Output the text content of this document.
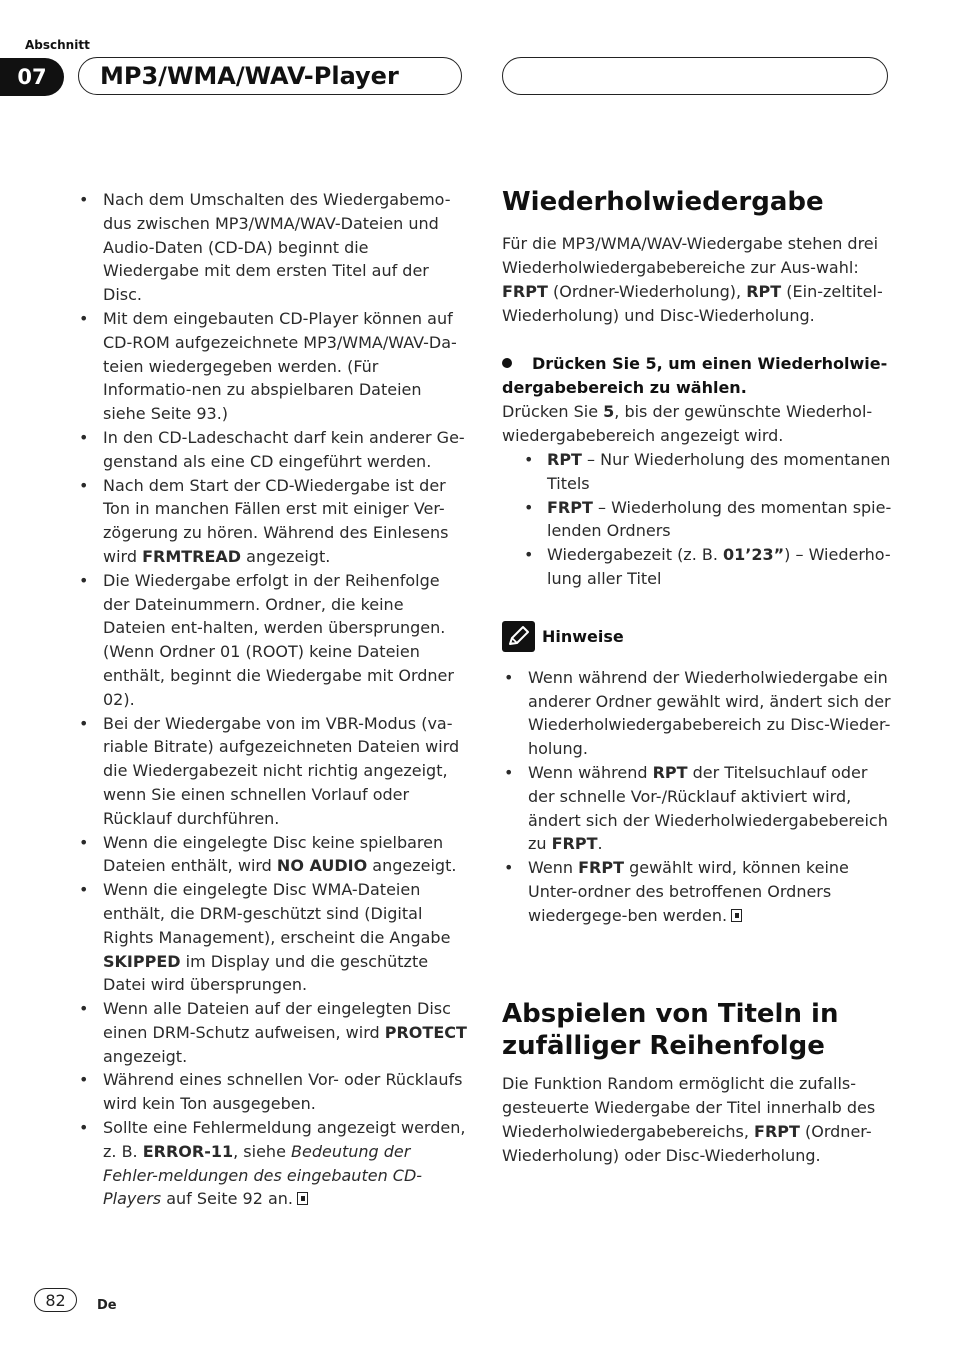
Abschnitt
07	MP3/WMA/WAV-Player
• Nach dem Umschalten des Wiedergabemo-dus zwischen MP3/WMA/WAV-Dateien und Audio-Daten (CD-DA) beginnt die Wiedergabe mit dem ersten Titel auf der Disc.
• Mit dem eingebauten CD-Player können auf CD-ROM aufgezeichnete MP3/WMA/WAV-Da-teien wiedergegeben werden. (Für Informatio-nen zu abspielbaren Dateien siehe Seite 93.)
• In den CD-Ladeschacht darf kein anderer Ge-genstand als eine CD eingeführt werden.
• Nach dem Start der CD-Wiedergabe ist der Ton in manchen Fällen erst mit einiger Ver-zögerung zu hören. Während des Einlesens wird FRMTREAD angezeigt.
• Die Wiedergabe erfolgt in der Reihenfolge der Dateinummern. Ordner, die keine Dateien ent-halten, werden übersprungen. (Wenn Ordner 01 (ROOT) keine Dateien enthält, beginnt die Wiedergabe mit Ordner 02).
• Bei der Wiedergabe von im VBR-Modus (va-riable Bitrate) aufgezeichneten Dateien wird die Wiedergabezeit nicht richtig angezeigt, wenn Sie einen schnellen Vorlauf oder Rücklauf durchführen.
• Wenn die eingelegte Disc keine spielbaren Dateien enthält, wird NO AUDIO angezeigt.
• Wenn die eingelegte Disc WMA-Dateien enthält, die DRM-geschützt sind (Digital Rights Management), erscheint die Angabe SKIPPED im Display und die geschützte Datei wird übersprungen.
• Wenn alle Dateien auf der eingelegten Disc einen DRM-Schutz aufweisen, wird PROTECT angezeigt.
• Während eines schnellen Vor- oder Rücklaufs wird kein Ton ausgegeben.
• Sollte eine Fehlermeldung angezeigt werden, z. B. ERROR-11, siehe Bedeutung der Fehler-meldungen des eingebauten CD-Players auf Seite 92 an.
Wiederholwiedergabe

Für die MP3/WMA/WAV-Wiedergabe stehen drei Wiederholwiedergabebereiche zur Aus-wahl: FRPT (Ordner-Wiederholung), RPT (Ein-zeltitel-Wiederholung) und Disc-Wiederholung.

Drücken Sie 5, um einen Wiederholwie-dergabebereich zu wählen.

Drücken Sie 5, bis der gewünschte Wiederhol-wiedergabebereich angezeigt wird.

• RPT – Nur Wiederholung des momentanen Titels
• FRPT – Wiederholung des momentan spie-lenden Ordners
• Wiedergabezeit (z. B. 01’23”) – Wiederho-lung aller Titel
Hinweise
• Wenn während der Wiederholwiedergabe ein anderer Ordner gewählt wird, ändert sich der Wiederholwiedergabebereich zu Disc-Wieder-holung.
• Wenn während RPT der Titelsuchlauf oder der schnelle Vor-/Rücklauf aktiviert wird, ändert sich der Wiederholwiedergabebereich zu FRPT.
• Wenn FRPT gewählt wird, können keine Unter-ordner des betroffenen Ordners wiedergege-ben werden.
Abspielen von Titeln in zufälliger Reihenfolge

Die Funktion Random ermöglicht die zufalls-gesteuerte Wiedergabe der Titel innerhalb des Wiederholwiedergabebereichs, FRPT (Ordner-Wiederholung) oder Disc-Wiederholung.

82	De
